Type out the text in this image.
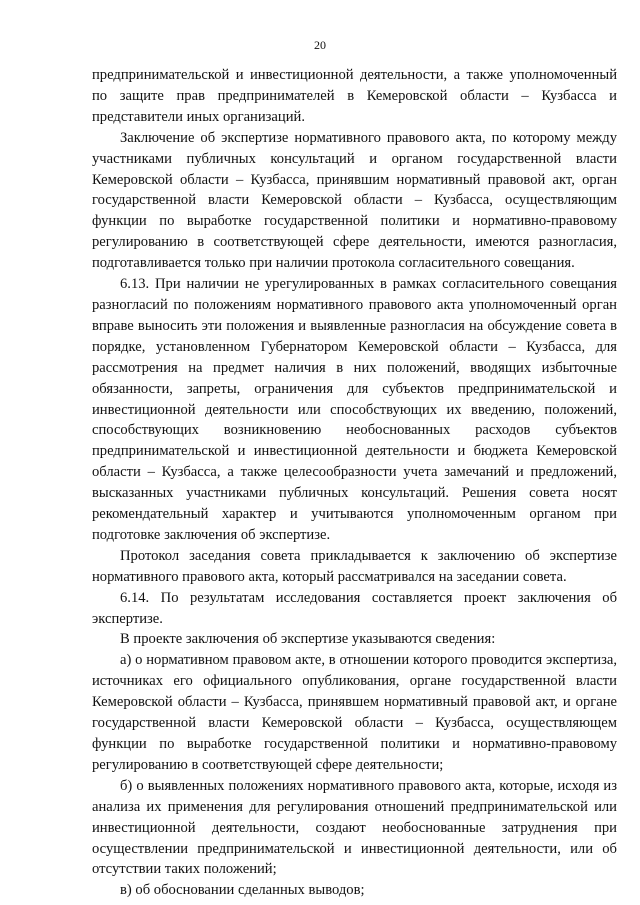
20

предпринимательской и инвестиционной деятельности, а также уполномоченный по защите прав предпринимателей в Кемеровской области – Кузбасса и представители иных организаций.

Заключение об экспертизе нормативного правового акта, по которому между участниками публичных консультаций и органом государственной власти Кемеровской области – Кузбасса, принявшим нормативный правовой акт, орган государственной власти Кемеровской области – Кузбасса, осуществляющим функции по выработке государственной политики и нормативно-правовому регулированию в соответствующей сфере деятельности, имеются разногласия, подготавливается только при наличии протокола согласительного совещания.

6.13. При наличии не урегулированных в рамках согласительного совещания разногласий по положениям нормативного правового акта уполномоченный орган вправе выносить эти положения и выявленные разногласия на обсуждение совета в порядке, установленном Губернатором Кемеровской области – Кузбасса, для рассмотрения на предмет наличия в них положений, вводящих избыточные обязанности, запреты, ограничения для субъектов предпринимательской и инвестиционной деятельности или способствующих их введению, положений, способствующих возникновению необоснованных расходов субъектов предпринимательской и инвестиционной деятельности и бюджета Кемеровской области – Кузбасса, а также целесообразности учета замечаний и предложений, высказанных участниками публичных консультаций. Решения совета носят рекомендательный характер и учитываются уполномоченным органом при подготовке заключения об экспертизе.

Протокол заседания совета прикладывается к заключению об экспертизе нормативного правового акта, который рассматривался на заседании совета.

6.14. По результатам исследования составляется проект заключения об экспертизе.

В проекте заключения об экспертизе указываются сведения:

а) о нормативном правовом акте, в отношении которого проводится экспертиза, источниках его официального опубликования, органе государственной власти Кемеровской области – Кузбасса, принявшем нормативный правовой акт, и органе государственной власти Кемеровской области – Кузбасса, осуществляющем функции по выработке государственной политики и нормативно-правовому регулированию в соответствующей сфере деятельности;

б) о выявленных положениях нормативного правового акта, которые, исходя из анализа их применения для регулирования отношений предпринимательской или инвестиционной деятельности, создают необоснованные затруднения при осуществлении предпринимательской и инвестиционной деятельности, или об отсутствии таких положений;

в) об обосновании сделанных выводов;
